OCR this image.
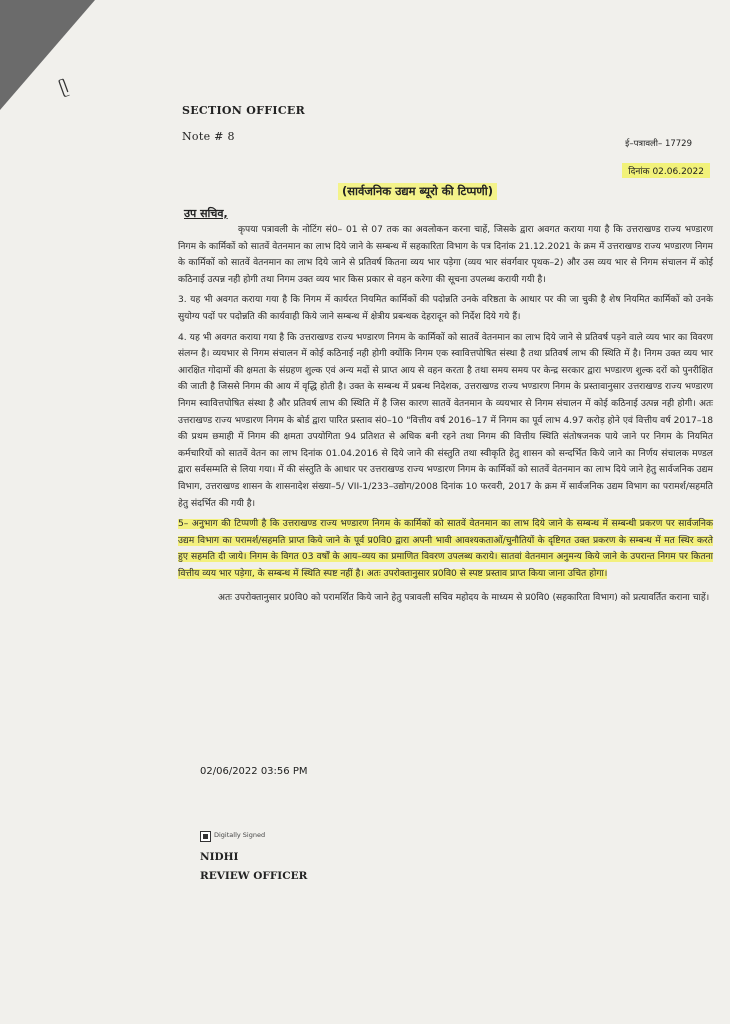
ᥫ
SECTION OFFICER
Note # 8
ई–पत्रावली– 17729
दिनांक 02.06.2022
(सार्वजनिक उद्यम ब्यूरो की टिप्पणी)
उप सचिव,

कृपया पत्रावली के नोटिंग सं0– 01 से 07 तक का अवलोकन करना चाहें, जिसके द्वारा अवगत कराया गया है कि उत्तराखण्ड राज्य भण्डारण निगम के कार्मिकों को सातवें वेतनमान का लाभ दिये जाने के सम्बन्ध में सहकारिता विभाग के पत्र दिनांक 21.12.2021 के क्रम में उत्तराखण्ड राज्य भण्डारण निगम के कार्मिकों को सातवें वेतनमान का लाभ दिये जाने से प्रतिवर्ष कितना व्यय भार पड़ेगा (व्यय भार संवर्गवार पृथक–2) और उस व्यय भार से निगम संचालन में कोई कठिनाई उत्पन्न नही होगी तथा निगम उक्त व्यय भार किस प्रकार से वहन करेगा की सूचना उपलब्ध करायी गयी है।

3. यह भी अवगत कराया गया है कि निगम में कार्यरत नियमित कार्मिकों की पदोन्नति उनके वरिष्ठता के आधार पर की जा चुकी है शेष नियमित कार्मिकों को उनके सुयोग्य पदों पर पदोन्नति की कार्यवाही किये जाने सम्बन्ध में क्षेत्रीय प्रबन्धक देहरादून को निर्देश दिये गये हैं।

4. यह भी अवगत कराया गया है कि उत्तराखण्ड राज्य भण्डारण निगम के कार्मिकों को सातवें वेतनमान का लाभ दिये जाने से प्रतिवर्ष पड़ने वाले व्यय भार का विवरण संलग्न है। व्ययभार से निगम संचालन में कोई कठिनाई नही होगी क्योंकि निगम एक स्वावित्तपोषित संस्था है तथा प्रतिवर्ष लाभ की स्थिति में है। निगम उक्त व्यय भार आरक्षित गोदामों की क्षमता के संग्रहण शुल्क एवं अन्य मदों से प्राप्त आय से वहन करता है तथा समय समय पर केन्द्र सरकार द्वारा भण्डारण शुल्क दरों को पुनरीक्षित की जाती है जिससे निगम की आय में वृद्धि होती है। उक्त के सम्बन्ध में प्रबन्ध निदेशक, उत्तराखण्ड राज्य भण्डारण निगम के प्रस्तावानुसार उत्तराखण्ड राज्य भण्डारण निगम स्वावित्तपोषित संस्था है और प्रतिवर्ष लाभ की स्थिति में है जिस कारण सातवें वेतनमान के व्ययभार से निगम संचालन में कोई कठिनाई उत्पन्न नही होगी। अतः उत्तराखण्ड राज्य भण्डारण निगम के बोर्ड द्वारा पारित प्रस्ताव सं0–10 "वित्तीय वर्ष 2016–17 में निगम का पूर्व लाभ 4.97 करोड़ होने एवं वित्तीय वर्ष 2017–18 की प्रथम छमाही में निगम की क्षमता उपयोगिता 94 प्रतिशत से अधिक बनी रहने तथा निगम की वित्तीय स्थिति संतोषजनक पाये जाने पर निगम के नियमित कर्मचारियों को सातवें वेतन का लाभ दिनांक 01.04.2016 से दिये जाने की संस्तुति तथा स्वीकृति हेतु शासन को सन्दर्भित किये जाने का निर्णय संचालक मण्डल द्वारा सर्वसम्मति से लिया गया। में की संस्तुति के आधार पर उत्तराखण्ड राज्य भण्डारण निगम के कार्मिकों को सातवें वेतनमान का लाभ दिये जाने हेतु सार्वजनिक उद्यम विभाग, उत्तराखण्ड शासन के शासनादेश संख्या–5/ VII-1/233–उद्योग/2008 दिनांक 10 फरवरी, 2017 के क्रम में सार्वजनिक उद्यम विभाग का परामर्श/सहमति हेतु संदर्भित की गयी है।

5– अनुभाग की टिप्पणी है कि उत्तराखण्ड राज्य भण्डारण निगम के कार्मिकों को सातवें वेतनमान का लाभ दिये जाने के सम्बन्ध में सम्बन्धी प्रकरण पर सार्वजनिक उद्यम विभाग का परामर्श/सहमति प्राप्त किये जाने के पूर्व प्र0वि0 द्वारा अपनी भावी आवश्यकताओं/चुनौतियों के दृष्टिगत उक्त प्रकरण के सम्बन्ध में मत स्थिर करते हुए सहमति दी जाये। निगम के विगत 03 वर्षों के आय–व्यय का प्रमाणित विवरण उपलब्ध कराये। सातवां वेतनमान अनुमन्य किये जाने के उपरान्त निगम पर कितना वित्तीय व्यय भार पड़ेगा, के सम्बन्ध में स्थिति स्पष्ट नहीं है। अतः उपरोक्तानुसार प्र0वि0 से स्पष्ट प्रस्ताव प्राप्त किया जाना उचित होगा।

अतः उपरोक्तानुसार प्र0वि0 को परामर्शित किये जाने हेतु पत्रावली सचिव महोदय के माध्यम से प्र0वि0 (सहकारिता विभाग) को प्रत्यावर्तित कराना चाहें।

02/06/2022 03:56 PM
Digitally Signed
NIDHI
REVIEW OFFICER
